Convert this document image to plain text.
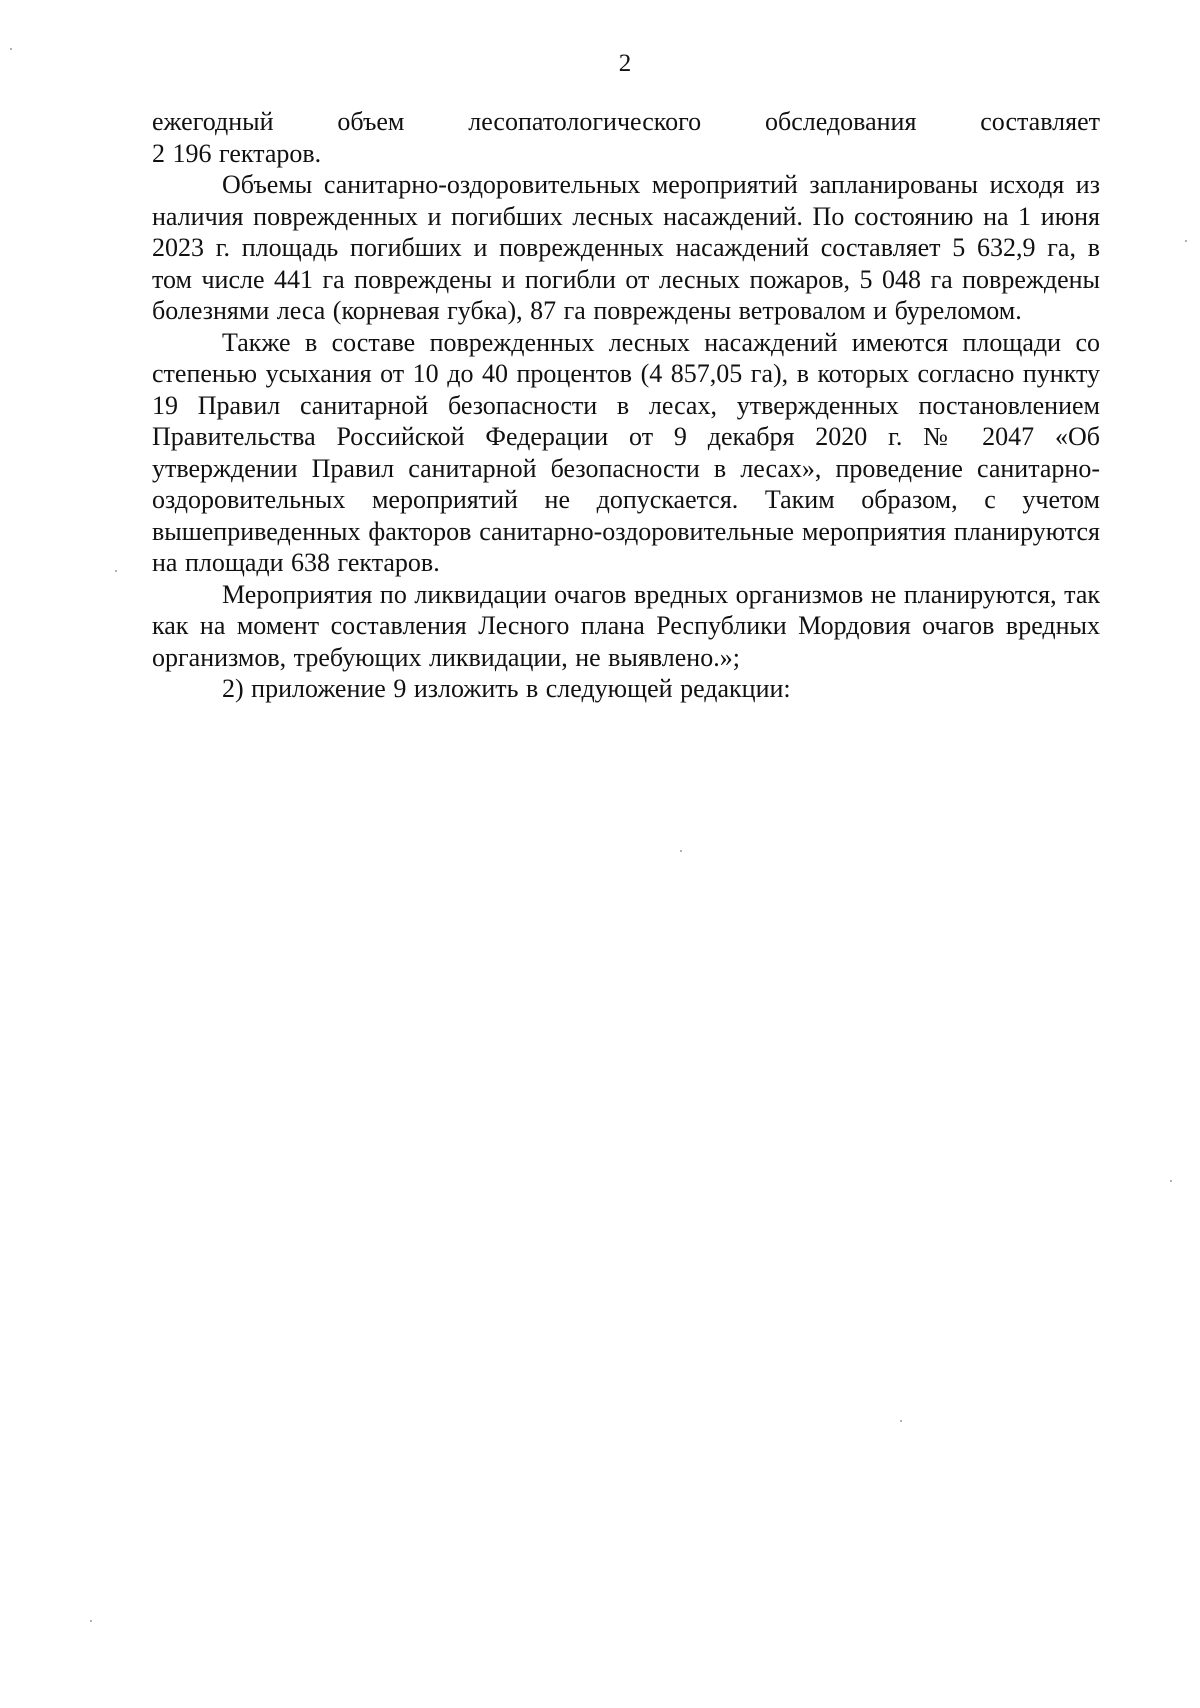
2

ежегодный объем лесопатологического обследования составляет

2 196 гектаров.

Объемы санитарно-оздоровительных мероприятий запланированы исходя из наличия поврежденных и погибших лесных насаждений. По состоянию на 1 июня 2023 г. площадь погибших и поврежденных насаждений составляет 5 632,9 га, в том числе 441 га повреждены и погибли от лесных пожаров, 5 048 га повреждены болезнями леса (корневая губка), 87 га повреждены ветровалом и буреломом.

Также в составе поврежденных лесных насаждений имеются площади со степенью усыхания от 10 до 40 процентов (4 857,05 га), в которых согласно пункту 19 Правил санитарной безопасности в лесах, утвержденных постановлением Правительства Российской Федерации от 9 декабря 2020 г. № 2047 «Об утверждении Правил санитарной безопасности в лесах», проведение санитарно-оздоровительных мероприятий не допускается. Таким образом, с учетом вышеприведенных факторов санитарно-оздоровительные мероприятия планируются на площади 638 гектаров.

Мероприятия по ликвидации очагов вредных организмов не планируются, так как на момент составления Лесного плана Республики Мордовия очагов вредных организмов, требующих ликвидации, не выявлено.»;

2) приложение 9 изложить в следующей редакции:
